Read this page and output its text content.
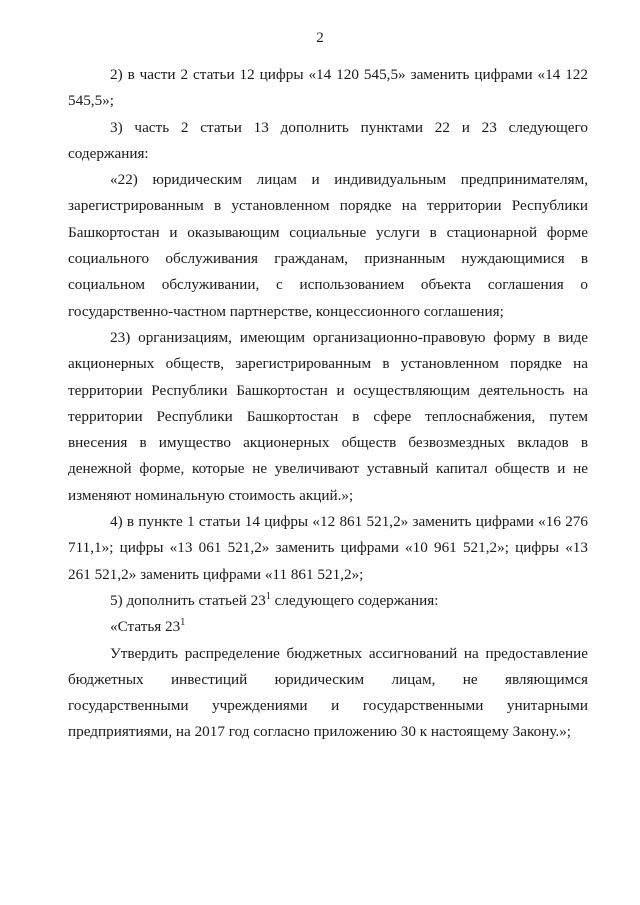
2

2) в части 2 статьи 12 цифры «14 120 545,5» заменить цифрами «14 122 545,5»;

3) часть 2 статьи 13 дополнить пунктами 22 и 23 следующего содержания:

«22) юридическим лицам и индивидуальным предпринимателям, зарегистрированным в установленном порядке на территории Республики Башкортостан и оказывающим социальные услуги в стационарной форме социального обслуживания гражданам, признанным нуждающимися в социальном обслуживании, с использованием объекта соглашения о государственно-частном партнерстве, концессионного соглашения;

23) организациям, имеющим организационно-правовую форму в виде акционерных обществ, зарегистрированным в установленном порядке на территории Республики Башкортостан и осуществляющим деятельность на территории Республики Башкортостан в сфере теплоснабжения, путем внесения в имущество акционерных обществ безвозмездных вкладов в денежной форме, которые не увеличивают уставный капитал обществ и не изменяют номинальную стоимость акций.»;

4) в пункте 1 статьи 14 цифры «12 861 521,2» заменить цифрами «16 276 711,1»; цифры «13 061 521,2» заменить цифрами «10 961 521,2»; цифры «13 261 521,2» заменить цифрами «11 861 521,2»;

5) дополнить статьей $23^1$ следующего содержания:

«Статья $23^1$

Утвердить распределение бюджетных ассигнований на предоставление бюджетных инвестиций юридическим лицам, не являющимся государственными учреждениями и государственными унитарными предприятиями, на 2017 год согласно приложению 30 к настоящему Закону.»;
